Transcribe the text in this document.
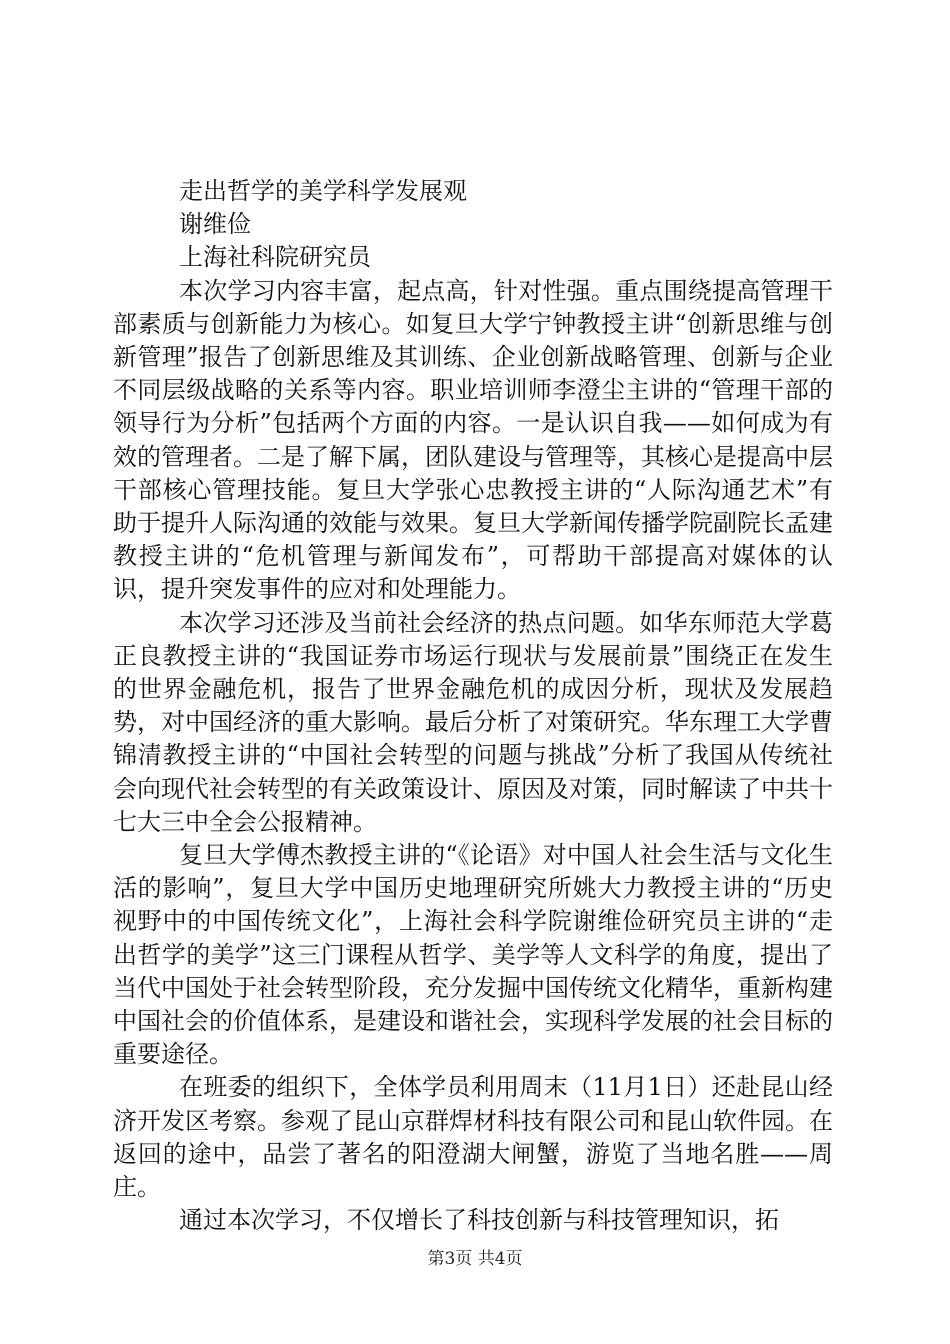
走出哲学的美学科学发展观

谢维俭

上海社科院研究员

本次学习内容丰富，起点高，针对性强。重点围绕提高管理干部素质与创新能力为核心。如复旦大学宁钟教授主讲“创新思维与创新管理”报告了创新思维及其训练、企业创新战略管理、创新与企业不同层级战略的关系等内容。职业培训师李澄尘主讲的“管理干部的领导行为分析”包括两个方面的内容。一是认识自我——如何成为有效的管理者。二是了解下属，团队建设与管理等，其核心是提高中层干部核心管理技能。复旦大学张心忠教授主讲的“人际沟通艺术”有助于提升人际沟通的效能与效果。复旦大学新闻传播学院副院长孟建教授主讲的“危机管理与新闻发布”，可帮助干部提高对媒体的认识，提升突发事件的应对和处理能力。

本次学习还涉及当前社会经济的热点问题。如华东师范大学葛正良教授主讲的“我国证券市场运行现状与发展前景”围绕正在发生的世界金融危机，报告了世界金融危机的成因分析，现状及发展趋势，对中国经济的重大影响。最后分析了对策研究。华东理工大学曹锦清教授主讲的“中国社会转型的问题与挑战”分析了我国从传统社会向现代社会转型的有关政策设计、原因及对策，同时解读了中共十七大三中全会公报精神。

复旦大学傅杰教授主讲的“《论语》对中国人社会生活与文化生活的影响”，复旦大学中国历史地理研究所姚大力教授主讲的“历史视野中的中国传统文化”，上海社会科学院谢维俭研究员主讲的“走出哲学的美学”这三门课程从哲学、美学等人文科学的角度，提出了当代中国处于社会转型阶段，充分发掘中国传统文化精华，重新构建中国社会的价值体系，是建设和谐社会，实现科学发展的社会目标的重要途径。

在班委的组织下，全体学员利用周末（11月1日）还赴昆山经济开发区考察。参观了昆山京群焊材科技有限公司和昆山软件园。在返回的途中，品尝了著名的阳澄湖大闸蟹，游览了当地名胜——周庄。

通过本次学习，不仅增长了科技创新与科技管理知识，拓

第3页 共4页
